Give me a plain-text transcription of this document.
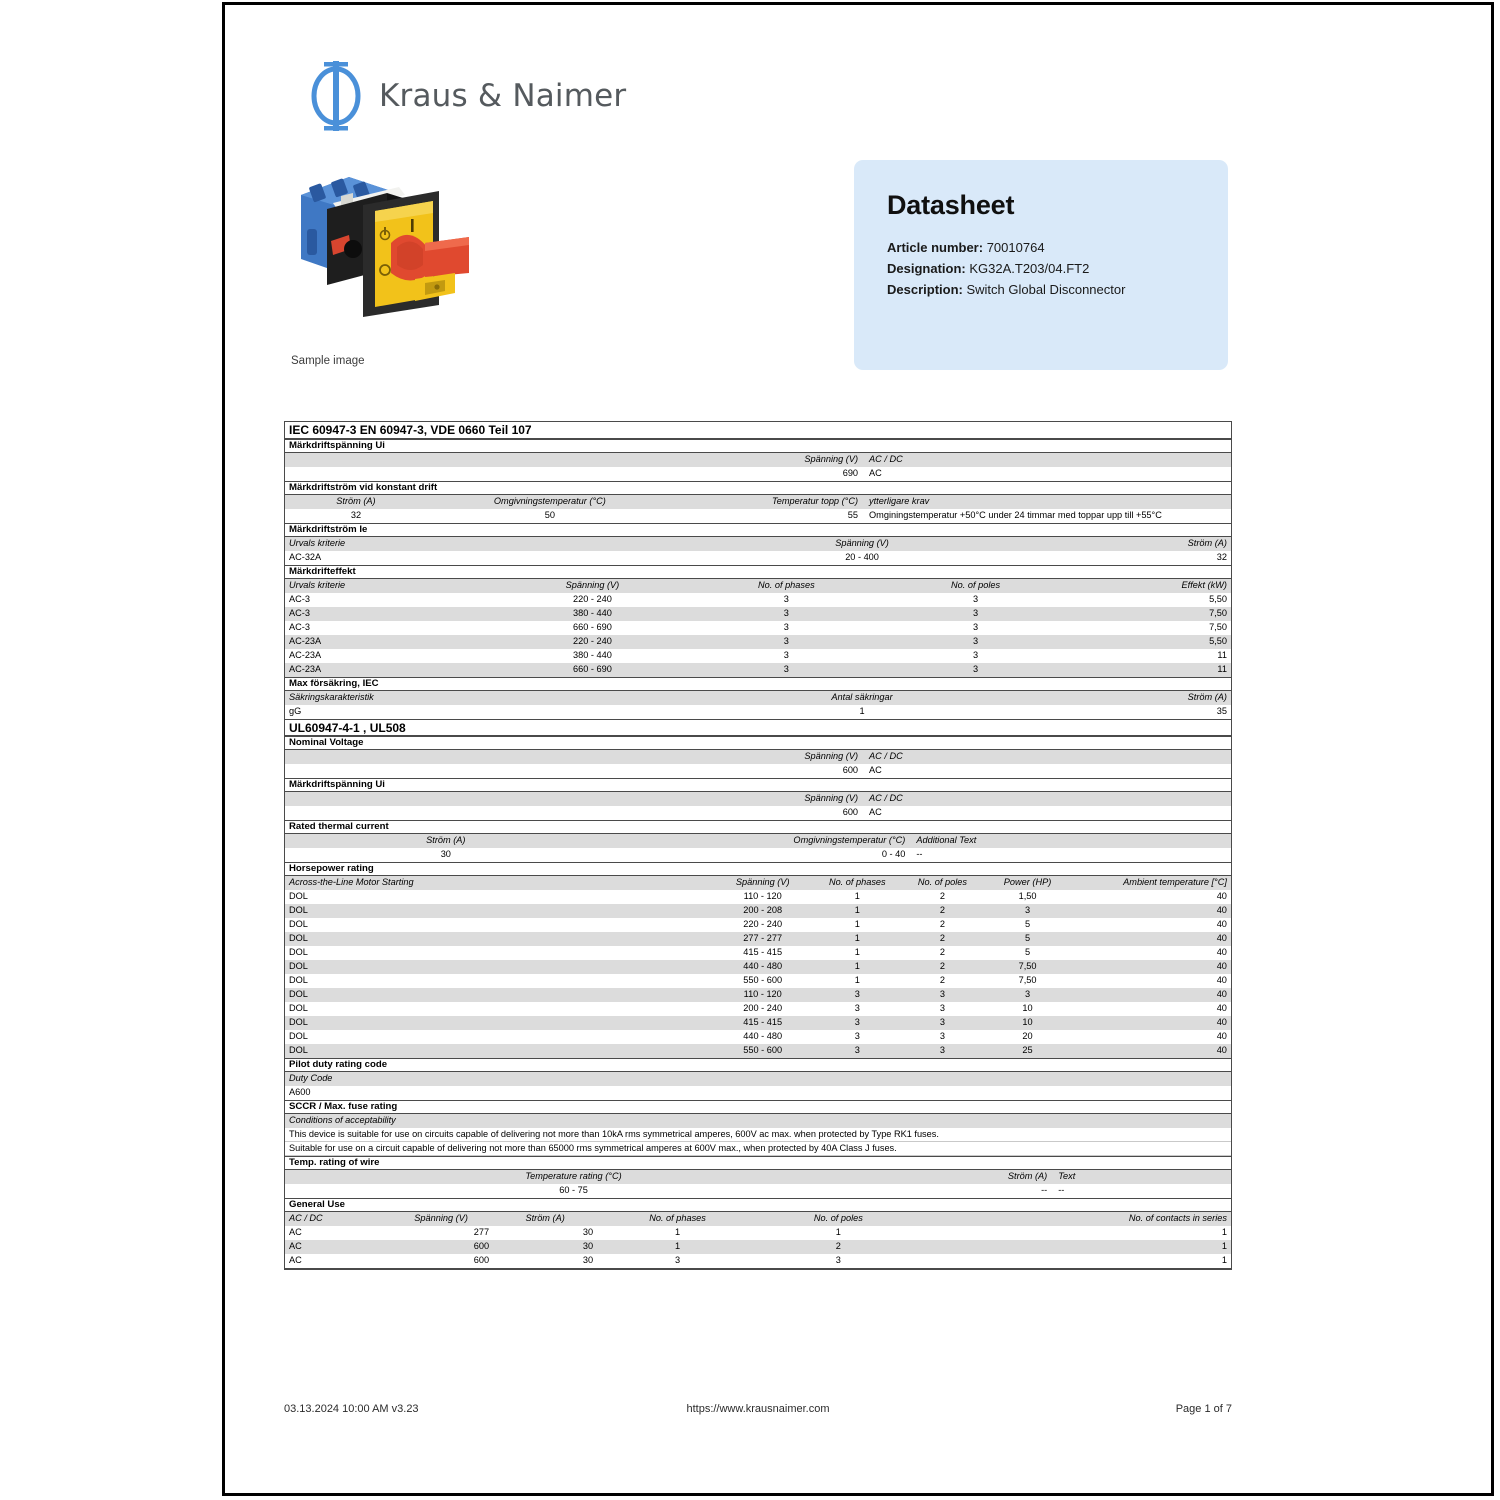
Kraus & Naimer
Sample image
Datasheet
Article number: 70010764
Designation: KG32A.T203/04.FT2
Description: Switch Global Disconnector
IEC 60947-3 EN 60947-3, VDE 0660 Teil 107
Märkdriftspänning Ui
Spänning (V)	AC / DC
690	AC
Märkdriftström vid konstant drift
Ström (A)	Omgivningstemperatur (°C)	Temperatur topp (°C)	ytterligare krav
32	50	55	Omginingstemperatur +50°C under 24 timmar med toppar upp till +55°C
Märkdriftström Ie
Urvals kriterie	Spänning (V)	Ström (A)
AC-32A	20 - 400	32
Märkdrifteffekt
Urvals kriterie	Spänning (V)	No. of phases	No. of poles	Effekt (kW)
AC-3	220 - 240	3	3	5,50
AC-3	380 - 440	3	3	7,50
AC-3	660 - 690	3	3	7,50
AC-23A	220 - 240	3	3	5,50
AC-23A	380 - 440	3	3	11
AC-23A	660 - 690	3	3	11
Max försäkring, IEC
Säkringskarakteristik	Antal säkringar	Ström (A)
gG	1	35
UL60947-4-1 , UL508
Nominal Voltage
Spänning (V)	AC / DC
600	AC
Märkdriftspänning Ui
Spänning (V)	AC / DC
600	AC
Rated thermal current
Ström (A)	Omgivningstemperatur (°C)	Additional Text
30	0 - 40	--
Horsepower rating
Across-the-Line Motor Starting	Spänning (V)	No. of phases	No. of poles	Power (HP)	Ambient temperature [°C]
DOL	110 - 120	1	2	1,50	40
DOL	200 - 208	1	2	3	40
DOL	220 - 240	1	2	5	40
DOL	277 - 277	1	2	5	40
DOL	415 - 415	1	2	5	40
DOL	440 - 480	1	2	7,50	40
DOL	550 - 600	1	2	7,50	40
DOL	110 - 120	3	3	3	40
DOL	200 - 240	3	3	10	40
DOL	415 - 415	3	3	10	40
DOL	440 - 480	3	3	20	40
DOL	550 - 600	3	3	25	40
Pilot duty rating code
Duty Code
A600
SCCR / Max. fuse rating
Conditions of acceptability
This device is suitable for use on circuits capable of delivering not more than 10kA rms symmetrical amperes, 600V ac max. when protected by Type RK1 fuses.
Suitable for use on a circuit capable of delivering not more than 65000 rms symmetrical amperes at 600V max., when protected by 40A Class J fuses.
Temp. rating of wire
Temperature rating (°C)	Ström (A)	Text
60 - 75	--	--
General Use
AC / DC	Spänning (V)	Ström (A)	No. of phases	No. of poles	No. of contacts in series
AC	277	30	1	1	1
AC	600	30	1	2	1
AC	600	30	3	3	1
03.13.2024 10:00 AM v3.23	https://www.krausnaimer.com	Page 1 of 7
